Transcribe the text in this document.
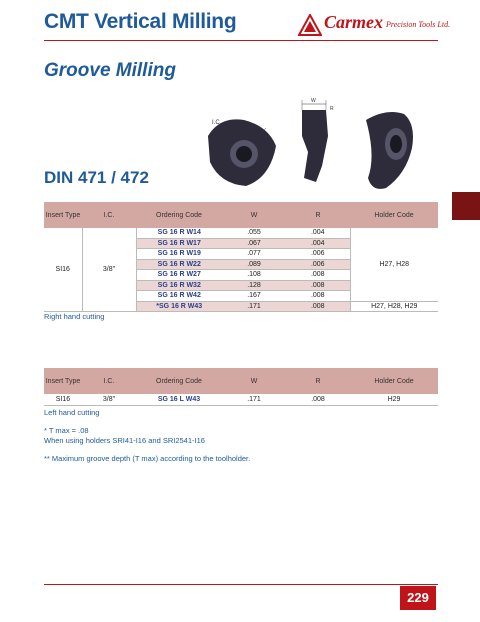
CMT Vertical Milling	Carmex Precision Tools Ltd.
Groove Milling
I.C.
W
R
DIN 471 / 472
Insert Type	I.C.	Ordering Code	W	R	Holder Code
SI16	3/8"	SG 16 R W14	.055	.004	H27, H28
		SG 16 R W17	.067	.004	
		SG 16 R W19	.077	.006	
		SG 16 R W22	.089	.006	
		SG 16 R W27	.108	.008	
		SG 16 R W32	.128	.008	
		SG 16 R W42	.167	.008	
		*SG 16 R W43	.171	.008	H27, H28, H29
Right hand cutting
Insert Type	I.C.	Ordering Code	W	R	Holder Code
SI16	3/8"	SG 16 L W43	.171	.008	H29
Left hand cutting
* T max = .08
When using holders SRI41-I16 and SRI2541-I16
** Maximum groove depth (T max) according to the toolholder.
229
